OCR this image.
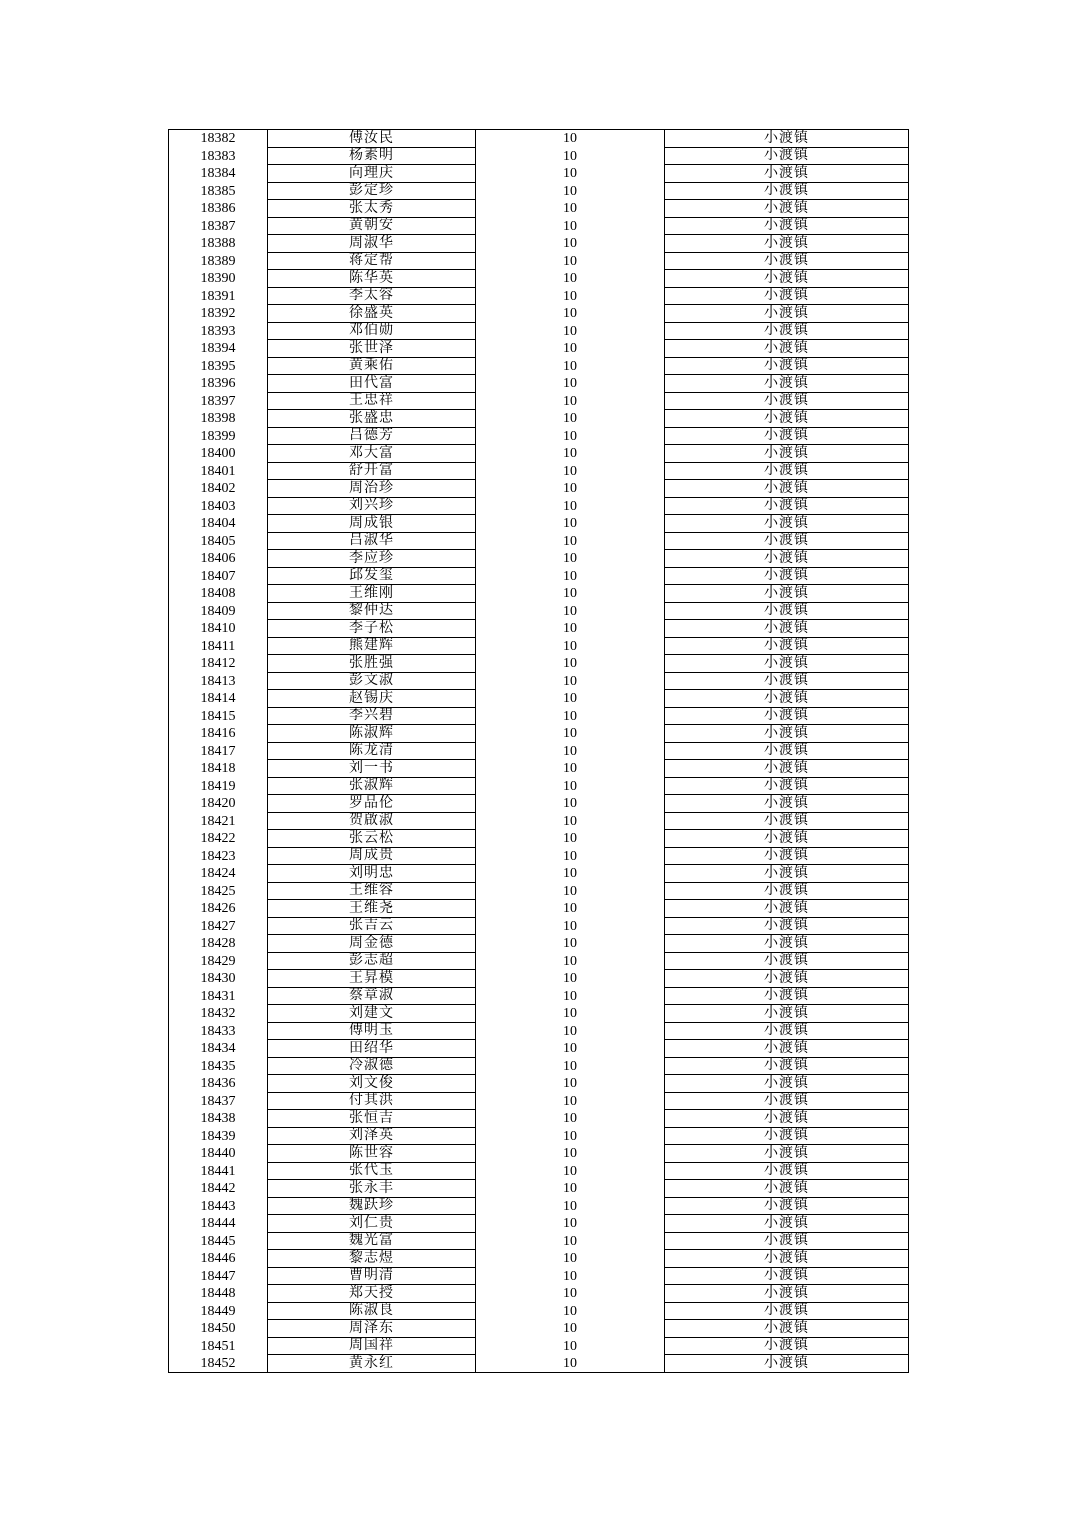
18382	傅汝民	10	小渡镇
18383	杨素明	10	小渡镇
18384	向理庆	10	小渡镇
18385	彭定珍	10	小渡镇
18386	张太秀	10	小渡镇
18387	黄朝安	10	小渡镇
18388	周淑华	10	小渡镇
18389	蒋定帮	10	小渡镇
18390	陈华英	10	小渡镇
18391	李太容	10	小渡镇
18392	徐盛英	10	小渡镇
18393	邓伯勋	10	小渡镇
18394	张世泽	10	小渡镇
18395	黄乘佑	10	小渡镇
18396	田代富	10	小渡镇
18397	王忠祥	10	小渡镇
18398	张盛忠	10	小渡镇
18399	吕德芳	10	小渡镇
18400	邓大富	10	小渡镇
18401	舒开富	10	小渡镇
18402	周治珍	10	小渡镇
18403	刘兴珍	10	小渡镇
18404	周成银	10	小渡镇
18405	吕淑华	10	小渡镇
18406	李应珍	10	小渡镇
18407	邱发玺	10	小渡镇
18408	王维刚	10	小渡镇
18409	黎仲达	10	小渡镇
18410	李子松	10	小渡镇
18411	熊建辉	10	小渡镇
18412	张胜强	10	小渡镇
18413	彭文淑	10	小渡镇
18414	赵锡庆	10	小渡镇
18415	李兴碧	10	小渡镇
18416	陈淑辉	10	小渡镇
18417	陈龙清	10	小渡镇
18418	刘一书	10	小渡镇
18419	张淑辉	10	小渡镇
18420	罗品伦	10	小渡镇
18421	贺啟淑	10	小渡镇
18422	张云松	10	小渡镇
18423	周成贵	10	小渡镇
18424	刘明忠	10	小渡镇
18425	王维容	10	小渡镇
18426	王维尧	10	小渡镇
18427	张吉云	10	小渡镇
18428	周金德	10	小渡镇
18429	彭志超	10	小渡镇
18430	王昇模	10	小渡镇
18431	蔡章淑	10	小渡镇
18432	刘建文	10	小渡镇
18433	傅明玉	10	小渡镇
18434	田绍华	10	小渡镇
18435	冷淑德	10	小渡镇
18436	刘文俊	10	小渡镇
18437	付其洪	10	小渡镇
18438	张恒吉	10	小渡镇
18439	刘泽英	10	小渡镇
18440	陈世容	10	小渡镇
18441	张代玉	10	小渡镇
18442	张永丰	10	小渡镇
18443	魏跃珍	10	小渡镇
18444	刘仁贵	10	小渡镇
18445	魏光富	10	小渡镇
18446	黎志煜	10	小渡镇
18447	曹明清	10	小渡镇
18448	郑天授	10	小渡镇
18449	陈淑良	10	小渡镇
18450	周泽东	10	小渡镇
18451	周国祥	10	小渡镇
18452	黄永红	10	小渡镇
